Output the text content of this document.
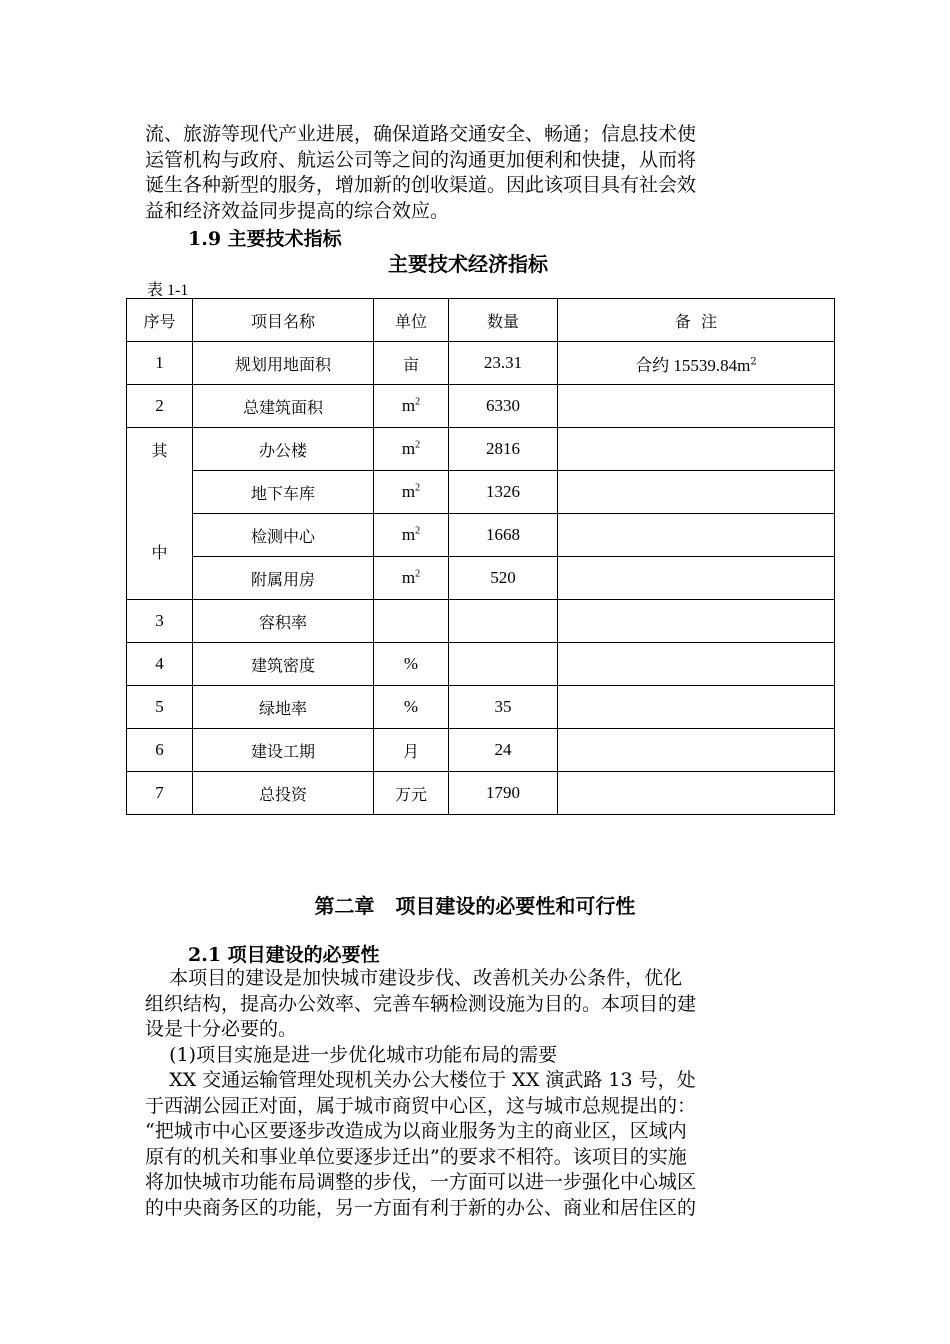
流、旅游等现代产业进展，确保道路交通安全、畅通；信息技术使
运管机构与政府、航运公司等之间的沟通更加便利和快捷，从而将
诞生各种新型的服务，增加新的创收渠道。因此该项目具有社会效
益和经济效益同步提高的综合效应。
1.9 主要技术指标
主要技术经济指标
表 1-1
序号	项目名称	单位	数量	备  注
1	规划用地面积	亩	23.31	合约 $15539.84m^2$
2	总建筑面积	$m^2$	6330	

其
中	办公楼	$m^2$	2816	
	地下车库	$m^2$	1326	
	检测中心	$m^2$	1668	
	附属用房	$m^2$	520	
3	容积率			
4	建筑密度	%		
5	绿地率	%	35	
6	建设工期	月	24	
7	总投资	万元	1790	
第二章   项目建设的必要性和可行性
2.1 项目建设的必要性
本项目的建设是加快城市建设步伐、改善机关办公条件，优化
组织结构，提高办公效率、完善车辆检测设施为目的。本项目的建
设是十分必要的。
(1)项目实施是进一步优化城市功能布局的需要
XX 交通运输管理处现机关办公大楼位于 XX 演武路 13 号，处
于西湖公园正对面，属于城市商贸中心区，这与城市总规提出的：
“把城市中心区要逐步改造成为以商业服务为主的商业区，区域内
原有的机关和事业单位要逐步迁出”的要求不相符。该项目的实施
将加快城市功能布局调整的步伐，一方面可以进一步强化中心城区
的中央商务区的功能，另一方面有利于新的办公、商业和居住区的
